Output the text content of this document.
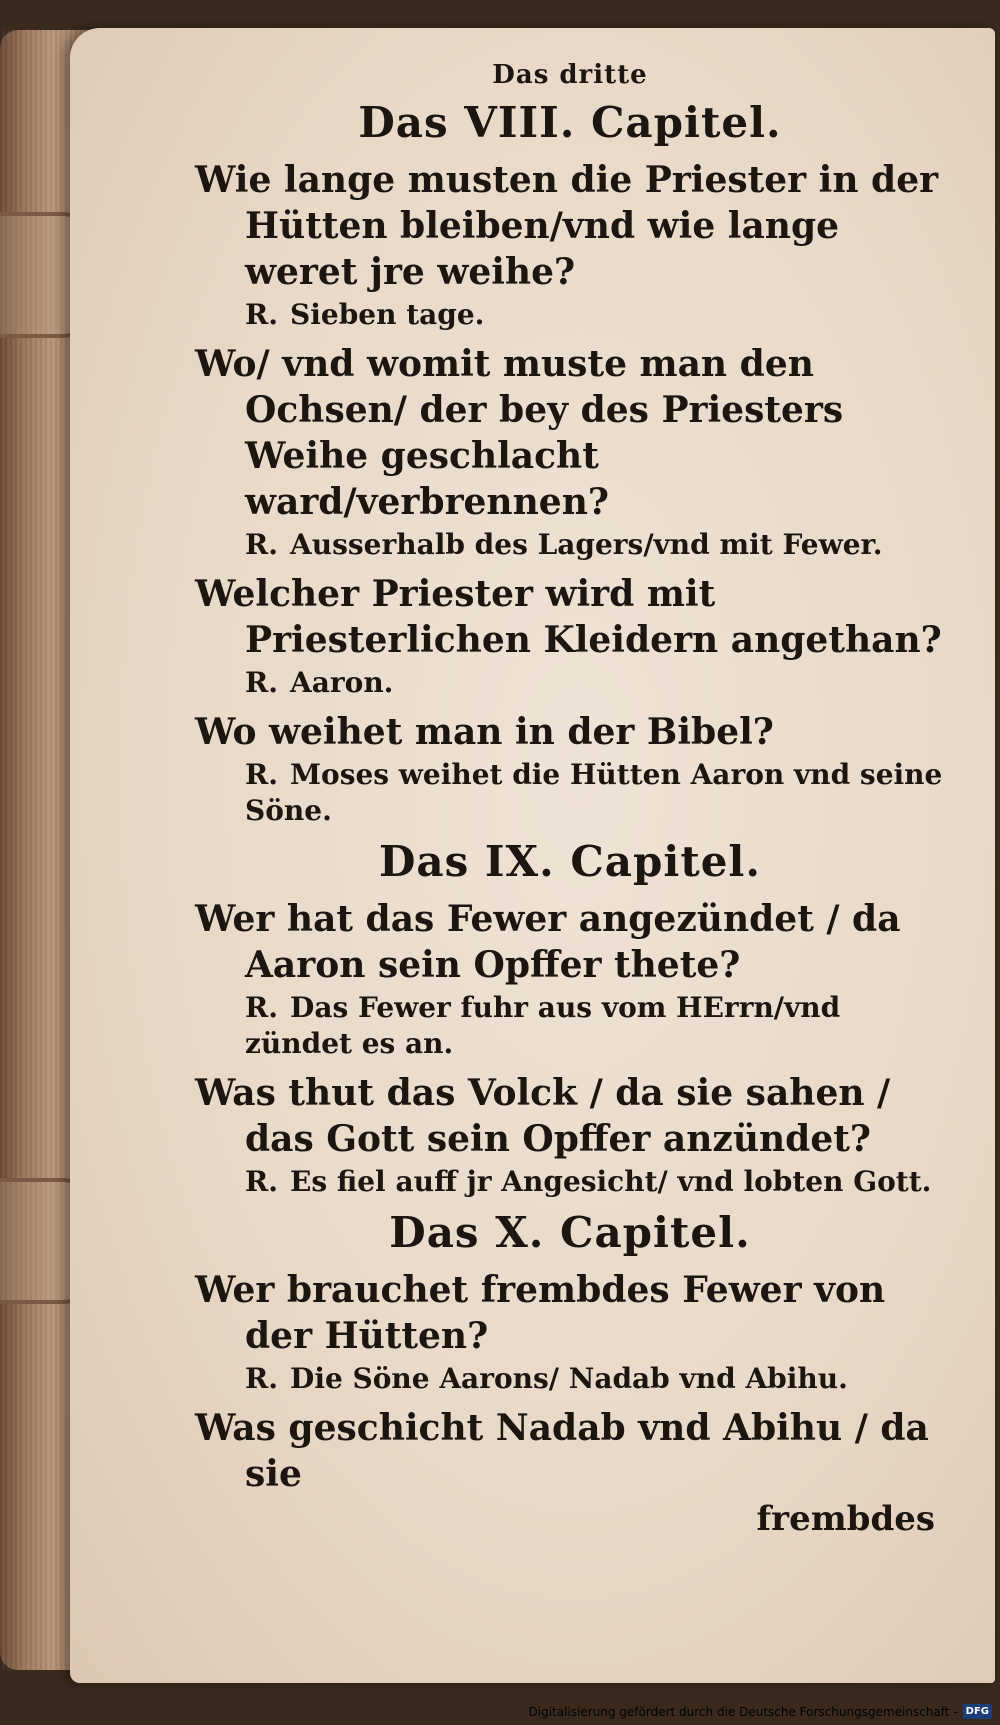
Das dritte
Das VIII. Capitel.
Wie lange musten die Priester in der Hütten bleiben/vnd wie lange weret jre weihe?
R. Sieben tage.
Wo/ vnd womit muste man den Ochsen/ der bey des Priesters Weihe geschlacht ward/verbrennen?
R. Ausserhalb des Lagers/vnd mit Fewer.
Welcher Priester wird mit Priesterlichen Kleidern angethan?
R. Aaron.
Wo weihet man in der Bibel?
R. Moses weihet die Hütten Aaron vnd seine Söne.
Das IX. Capitel.
Wer hat das Fewer angezündet / da Aaron sein Opffer thete?
R. Das Fewer fuhr aus vom HErrn/vnd zündet es an.
Was thut das Volck / da sie sahen / das Gott sein Opffer anzündet?
R. Es fiel auff jr Angesicht/ vnd lobten Gott.
Das X. Capitel.
Wer brauchet frembdes Fewer von der Hütten?
R. Die Söne Aarons/ Nadab vnd Abihu.
Was geschicht Nadab vnd Abihu / da sie
frembdes
Digitalisierung gefördert durch die Deutsche Forschungsgemeinschaft - DFG
